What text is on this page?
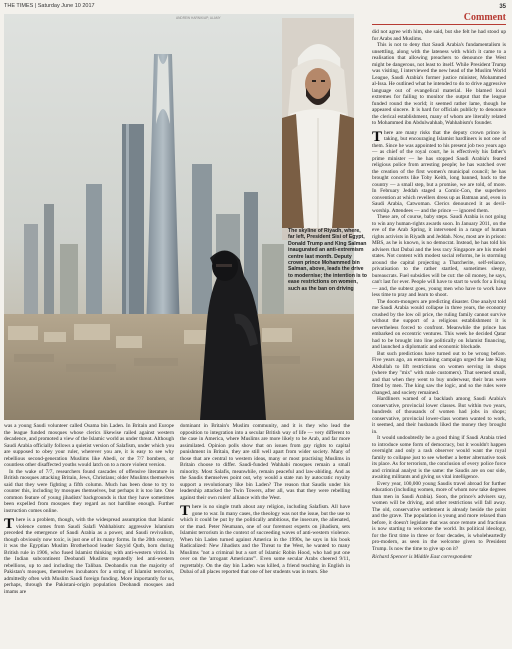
THE TIMES | Saturday June 10 2017	35
Comment
ANDREW HARNIK/AP; ALAMY
The skyline of Riyadh, where, far left, President Sisi of Egypt, Donald Trump and King Salman inaugurated an anti-extremism centre last month. Deputy crown prince Mohammed bin Salman, above, leads the drive to modernise; the intention is to ease restrictions on women, such as the ban on driving

was a young Saudi volunteer called Osama bin Laden. In Britain and Europe the league funded mosques whose clerics likewise railed against western decadence, and promoted a view of the Islamic world as under threat. Although Saudi Arabia officially follows a quietist version of Salafism, under which you are supposed to obey your ruler, wherever you are, it is easy to see why rebellious second-generation Muslims like Abedi, or the 7/7 bombers, or countless other disaffected youths would latch on to a more violent version.

In the wake of 7/7, researchers found cascades of offensive literature in British mosques attacking Britain, Jews, Christians; older Muslims themselves said that they were fighting a fifth column. Much has been done to try to counter this, including by mosques themselves, but perhaps it is too late. One common feature of young jihadists' backgrounds is that they have sometimes been expelled from mosques they regard as not hardline enough. Further instruction comes online.

There is a problem, though, with the widespread assumption that Islamic violence comes from Saudi Salafi Wahhabism: aggressive Islamism preceded the emergence of Saudi Arabia as a power, and Saudi revivalism, though obviously now toxic, is just one of its many forms. In the 20th century, it was the Egyptian Muslim Brotherhood leader Sayyid Qutb, born during British rule in 1906, who fused Islamist thinking with anti-western vitriol. In the Indian subcontinent Deobandi Muslims reputedly led anti-western rebellions, up to and including the Taliban. Deobandis run the majority of Pakistan's mosques, themselves incubators for a string of Islamist terrorists, admittedly often with Muslim Saudi foreign funding. More importantly for us, perhaps, through the Pakistani-origin population Deobandi mosques and imams are

dominant in Britain's Muslim community, and it is they who lead the opposition to integration into a secular British way of life — very different to the case in America, where Muslims are more likely to be Arab, and far more assimilated. Opinion polls show that on issues from gay rights to capital punishment in Britain, they are still well apart from wider society. Many of those that are central to western ideas, many or most practising Muslims in Britain choose to differ. Saudi-funded Wahhabi mosques remain a small minority. Most Salafis, meanwhile, remain peaceful and law-abiding. And as the Saudis themselves point out, why would a state run by autocratic royalty support a revolutionary like bin Laden? The reason that Saudis under his leadership attacked the Twin Towers, after all, was that they were rebelling against their own rulers' alliance with the West.

There is no single truth about any religion, including Salafism. All have gone to war. In many cases, the theology was not the issue, but the use to which it could be put by the politically ambitious, the insecure, the alienated, or the mad. Peter Neumann, one of our foremost experts on jihadism, sets Islamist terrorism in the context of succeeding waves of anti-western violence. When bin Laden turned against America in the 1990s, he says in his book Radicalized: New Jihadists and the Threat to the West, he wanted to many Muslims "not a criminal but a sort of Islamic Robin Hood, who had put one over on the 'arrogant Americans'". Even some secular Arabs cheered 9/11, regrettably. On the day bin Laden was killed, a friend teaching in English in Dubai of all places reported that one of her students was in tears. She

did not agree with him, she said, but she felt he had stood up for Arabs and Muslims.

This is not to deny that Saudi Arabia's fundamentalism is unsettling, along with the lateness with which it came to a realisation that allowing preachers to denounce the West might be dangerous, not least to itself. While President Trump was visiting, I interviewed the new head of the Muslim World League, Saudi Arabia's former justice minister, Mohammed al-Issa. He outlined what he intended to do to drive aggressive language out of evangelical material. He blamed local extremes for failing to monitor the output that the league funded round the world; it seemed rather lame, though he appeared sincere. It is hard for officials publicly to denounce the clerical establishment, many of whom are literally related to Mohammed ibn Abdulwahhab, Wahhabism's founder.

There are many risks that the deputy crown prince is taking, but encouraging Islamist hardliners is not one of them. Since he was appointed to his present job two years ago — as chief of the royal court, he is effectively his father's prime minister — he has stopped Saudi Arabia's feared religious police from arresting people; he has watched over the creation of the first women's municipal council; he has brought concerts like Toby Keith, long banned, back to the country — a small step, but a promise, we are told, of more. In February Jeddah staged a Comic-Con, the superhero convention at which revellers dress up as Batman and, even in Saudi Arabia, Catwoman. Clerics denounced it as devil-worship. Attendees — and the prince — ignored them.

These are, of course, baby steps. Saudi Arabia is not going to win any human-rights awards soon. In January 2011, on the eve of the Arab Spring, it intervened in a range of human rights activists in Riyadh and Jeddah. Now, most are in prison: MBS, as he is known, is no democrat. Instead, he has told his advisers that Dubai and the less racy Singapore are his model states. Not content with modest social reforms, he is storming around the capital projecting a Thatcherite, self-reliance, privatisation to the rather startled, sometimes sleepy, bureaucrats. Fuel subsidies will be cut: the oil money, he says, can't last for ever. People will have to start to work for a living — and, the subtext goes, young men who have to work have less time to pray and learn to shoot.

The doom-mongers are predicting disaster. One analyst told me Saudi Arabia would collapse in three years, the economy crushed by the low oil price, the ruling family cannot survive without the support of a religious establishment it is nevertheless forced to confront. Meanwhile the prince has embarked on eccentric ventures. This week he decided Qatar had to be brought into line politically on Islamist financing, and launched a diplomatic and economic blockade.

But such predictions have turned out to be wrong before. Five years ago, an entertaining campaign urged the late King Abdullah to lift restrictions on women serving in shops (where they "mix" with male customers). That seemed small, and that when they went to buy underwear, their bras were fitted by men. The king saw the logic, and so the rules were changed, and society remained.

Hardliners warned of a backlash among Saudi Arabia's conservative, provincial lower classes. But within two years, hundreds of thousands of women had jobs in shops; conservative, provincial lower-class women wanted to work, it seemed, and their husbands liked the money they brought in.

It would undoubtedly be a good thing if Saudi Arabia tried to introduce some form of democracy, but it wouldn't happen overnight and only a rash observer would want the royal family to collapse just to see whether a better alternative took its place. As for terrorism, the conclusion of every police force and criminal analyst is the same: the Saudis are on our side, awaiting militants and giving us vital intelligence.

Every year, 100,000 young Saudis travel abroad for further education (including women, more of whom now take degrees than men in Saudi Arabia). Soon, the prince's advisers say, women will be driving, and other restrictions will fall away. The old, conservative settlement is already beside the point and the grave. The population is young and more relaxed than before, it doesn't legislate that was once remote and fractious is now starting to welcome the world. Its political ideology, for the first time in three or four decades, is wholeheartedly pro-modern, as seen in the welcome given to President Trump. Is now the time to give up on it?

Richard Spencer is Middle East correspondent
